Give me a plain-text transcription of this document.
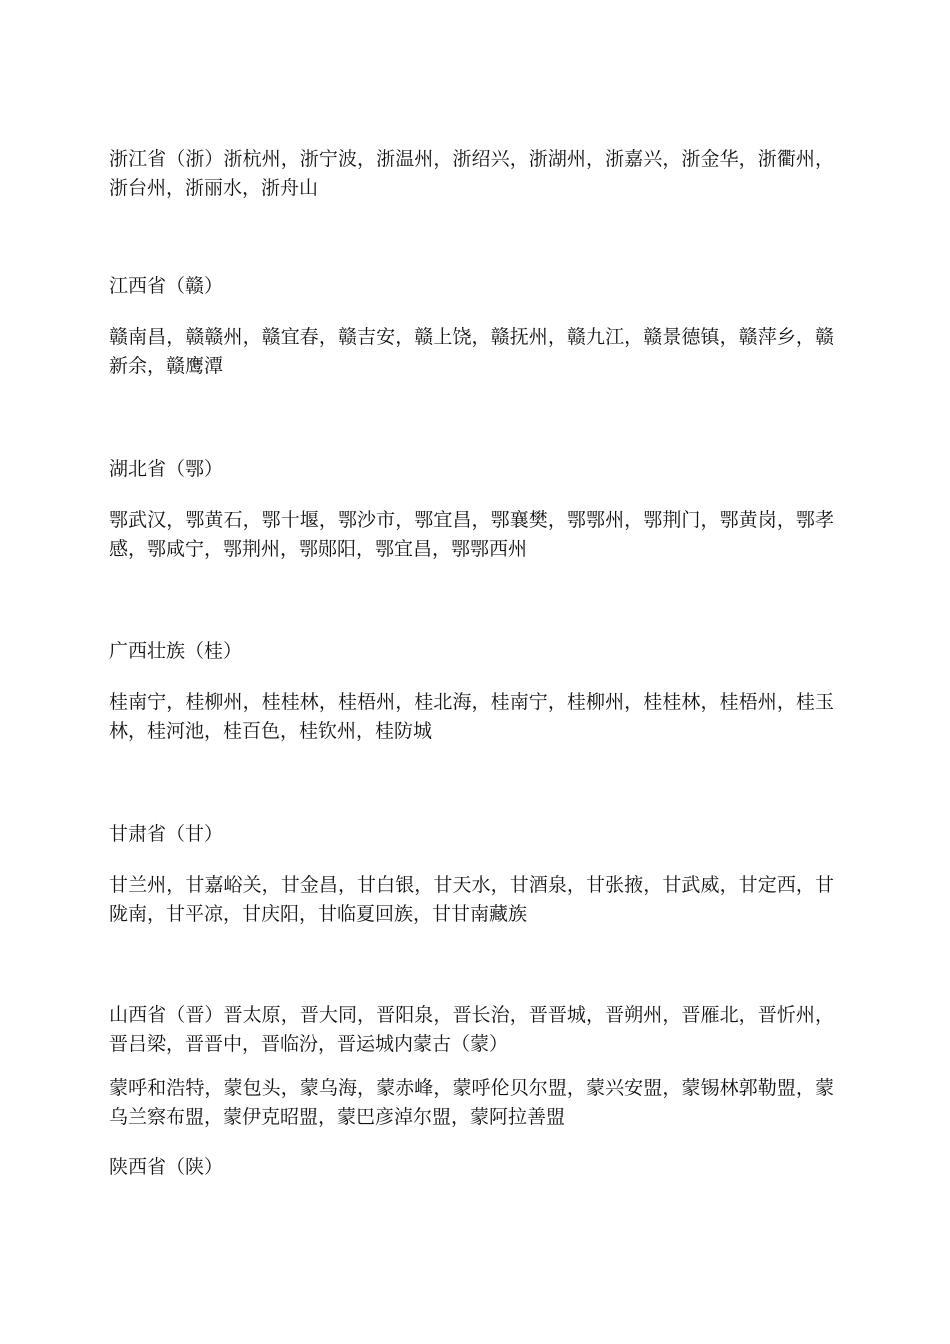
浙江省（浙）浙杭州，浙宁波，浙温州，浙绍兴，浙湖州，浙嘉兴，浙金华，浙衢州，浙台州，浙丽水，浙舟山

江西省（赣）

赣南昌，赣赣州，赣宜春，赣吉安，赣上饶，赣抚州，赣九江，赣景德镇，赣萍乡，赣新余，赣鹰潭

湖北省（鄂）

鄂武汉，鄂黄石，鄂十堰，鄂沙市，鄂宜昌，鄂襄樊，鄂鄂州，鄂荆门，鄂黄岗，鄂孝感，鄂咸宁，鄂荆州，鄂郧阳，鄂宜昌，鄂鄂西州

广西壮族（桂）

桂南宁，桂柳州，桂桂林，桂梧州，桂北海，桂南宁，桂柳州，桂桂林，桂梧州，桂玉林，桂河池，桂百色，桂钦州，桂防城

甘肃省（甘）

甘兰州，甘嘉峪关，甘金昌，甘白银，甘天水，甘酒泉，甘张掖，甘武威，甘定西，甘陇南，甘平凉，甘庆阳，甘临夏回族，甘甘南藏族

山西省（晋）晋太原，晋大同，晋阳泉，晋长治，晋晋城，晋朔州，晋雁北，晋忻州，晋吕梁，晋晋中，晋临汾，晋运城内蒙古（蒙）

蒙呼和浩特，蒙包头，蒙乌海，蒙赤峰，蒙呼伦贝尔盟，蒙兴安盟，蒙锡林郭勒盟，蒙乌兰察布盟，蒙伊克昭盟，蒙巴彦淖尔盟，蒙阿拉善盟

陕西省（陕）
